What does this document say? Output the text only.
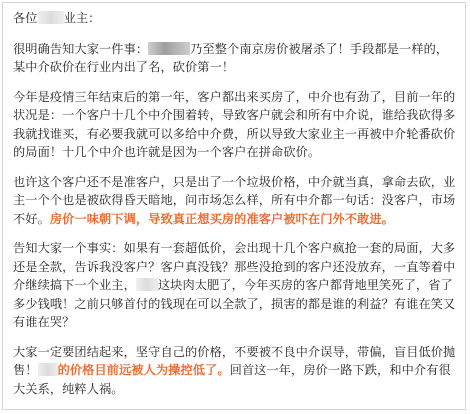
各位 业主：

很明确告知大家一件事：	乃至整个南京房价被屠杀了！手段都是一样的，某中介砍价在行业内出了名，砍价第一！

今年是疫情三年结束后的第一年，客户都出来买房了，中介也有劲了，目前一年的状况是：一个客户十几个中介围着转，导致客户就会和所有中介说，谁给我砍得多我就找谁买，有必要我就可以多给中介费，所以导致大家业主一再被中介轮番砍价的局面！十几个中介也许就是因为一个客户在拼命砍价。

也许这个客户还不是准客户，只是出了一个垃圾价格，中介就当真，拿命去砍，业主一个个也是被砍得昏天暗地，问市场怎么样，所有中介都一句话：没客户，市场不好。房价一味朝下调，导致真正想买房的准客户被吓在门外不敢进。

告知大家一个事实：如果有一套超低价，会出现十几个客户疯抢一套的局面，大多还是全款，告诉我没客户？客户真没钱？那些没抢到的客户还没放弃，一直等着中介继续搞下一个业主， 这块肉太肥了，今年买房的客户都背地里笑死了，省了多少钱哦！之前只够首付的钱现在可以全款了，损害的都是谁的利益？有谁在笑又有谁在哭？

大家一定要团结起来，坚守自己的价格，不要被不良中介误导，带偏，盲目低价抛售！ 的价格目前远被人为操控低了。回首这一年，房价一路下跌，和中介有很大关系，纯粹人祸。
